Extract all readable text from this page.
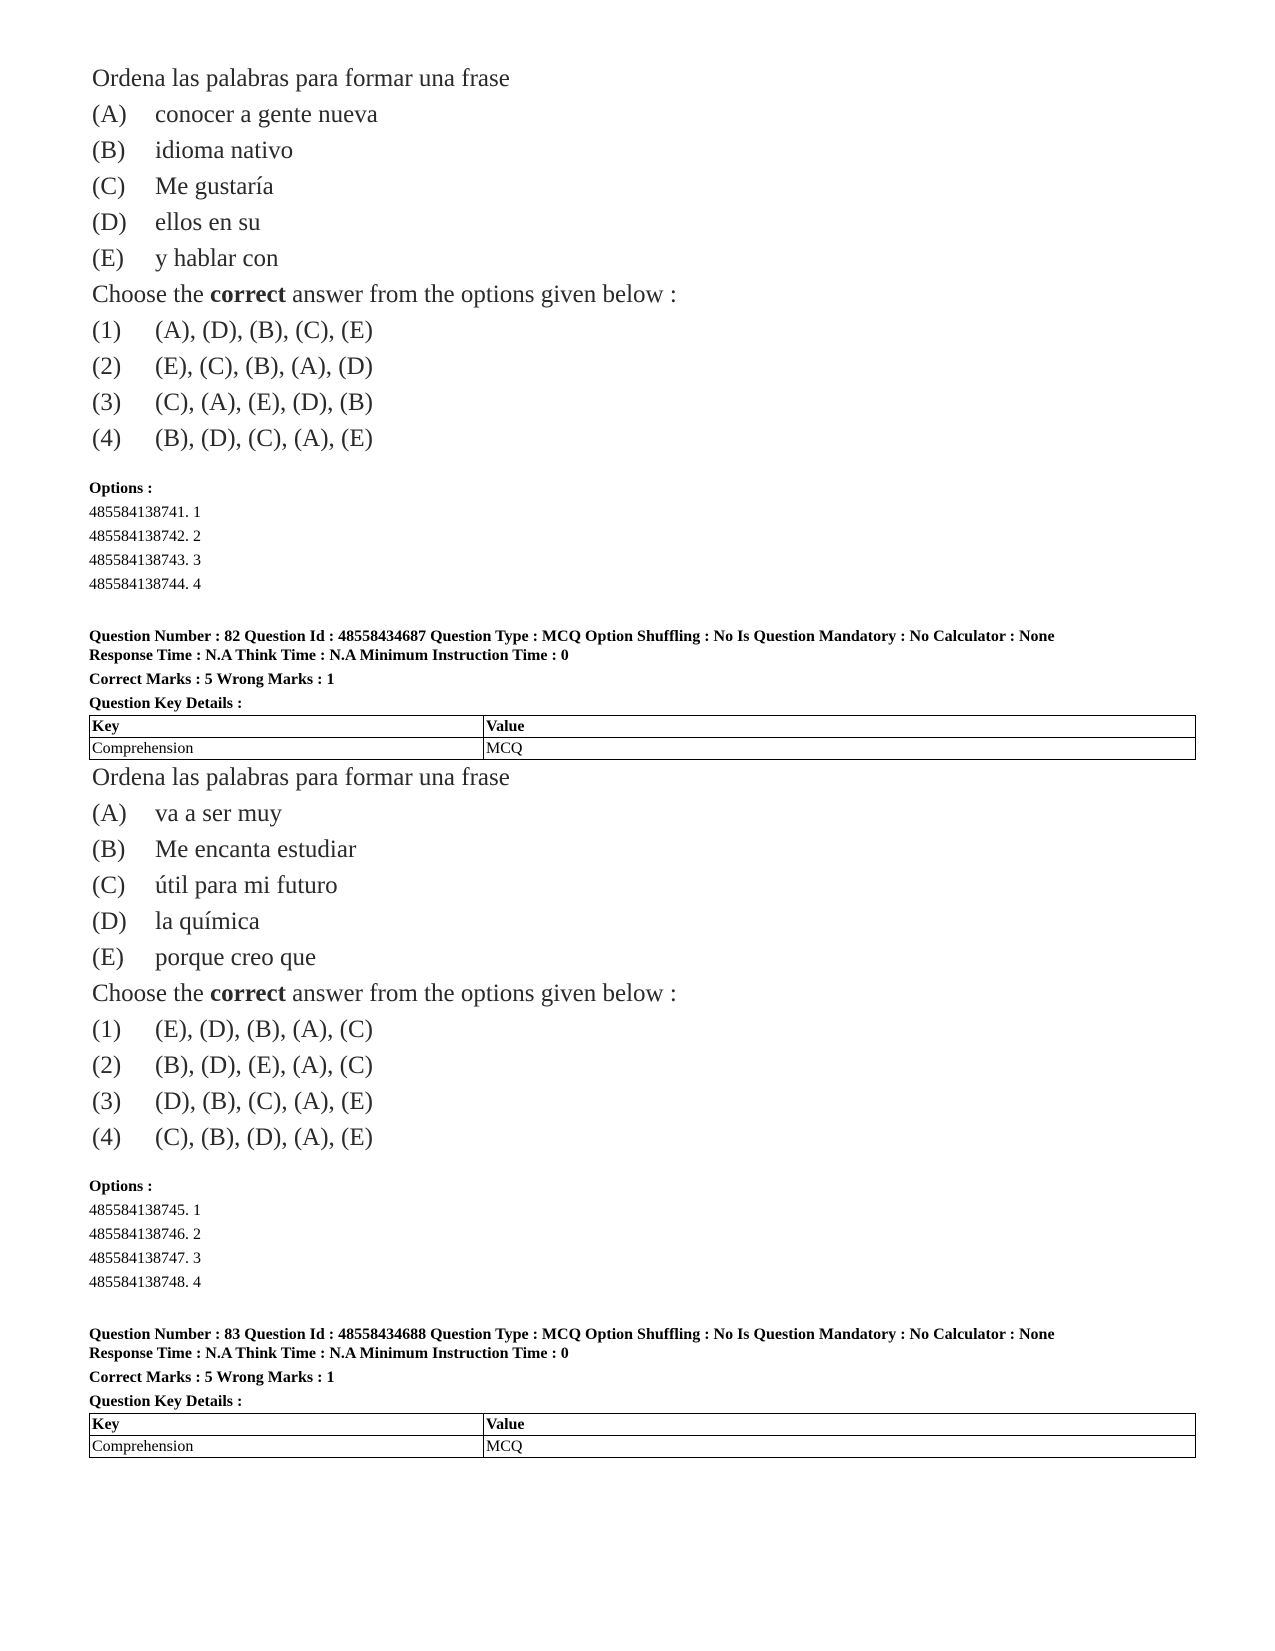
Ordena las palabras para formar una frase
(A) conocer a gente nueva
(B) idioma nativo
(C) Me gustaría
(D) ellos en su
(E) y hablar con
Choose the correct answer from the options given below :
(1) (A), (D), (B), (C), (E)
(2) (E), (C), (B), (A), (D)
(3) (C), (A), (E), (D), (B)
(4) (B), (D), (C), (A), (E)
Options :
485584138741. 1
485584138742. 2
485584138743. 3
485584138744. 4
Question Number : 82 Question Id : 48558434687 Question Type : MCQ Option Shuffling : No Is Question Mandatory : No Calculator : None
Response Time : N.A Think Time : N.A Minimum Instruction Time : 0
Correct Marks : 5 Wrong Marks : 1
Question Key Details :
Key	Value
Comprehension	MCQ
Ordena las palabras para formar una frase
(A) va a ser muy
(B) Me encanta estudiar
(C) útil para mi futuro
(D) la química
(E) porque creo que
Choose the correct answer from the options given below :
(1) (E), (D), (B), (A), (C)
(2) (B), (D), (E), (A), (C)
(3) (D), (B), (C), (A), (E)
(4) (C), (B), (D), (A), (E)
Options :
485584138745. 1
485584138746. 2
485584138747. 3
485584138748. 4
Question Number : 83 Question Id : 48558434688 Question Type : MCQ Option Shuffling : No Is Question Mandatory : No Calculator : None
Response Time : N.A Think Time : N.A Minimum Instruction Time : 0
Correct Marks : 5 Wrong Marks : 1
Question Key Details :
Key	Value
Comprehension	MCQ
